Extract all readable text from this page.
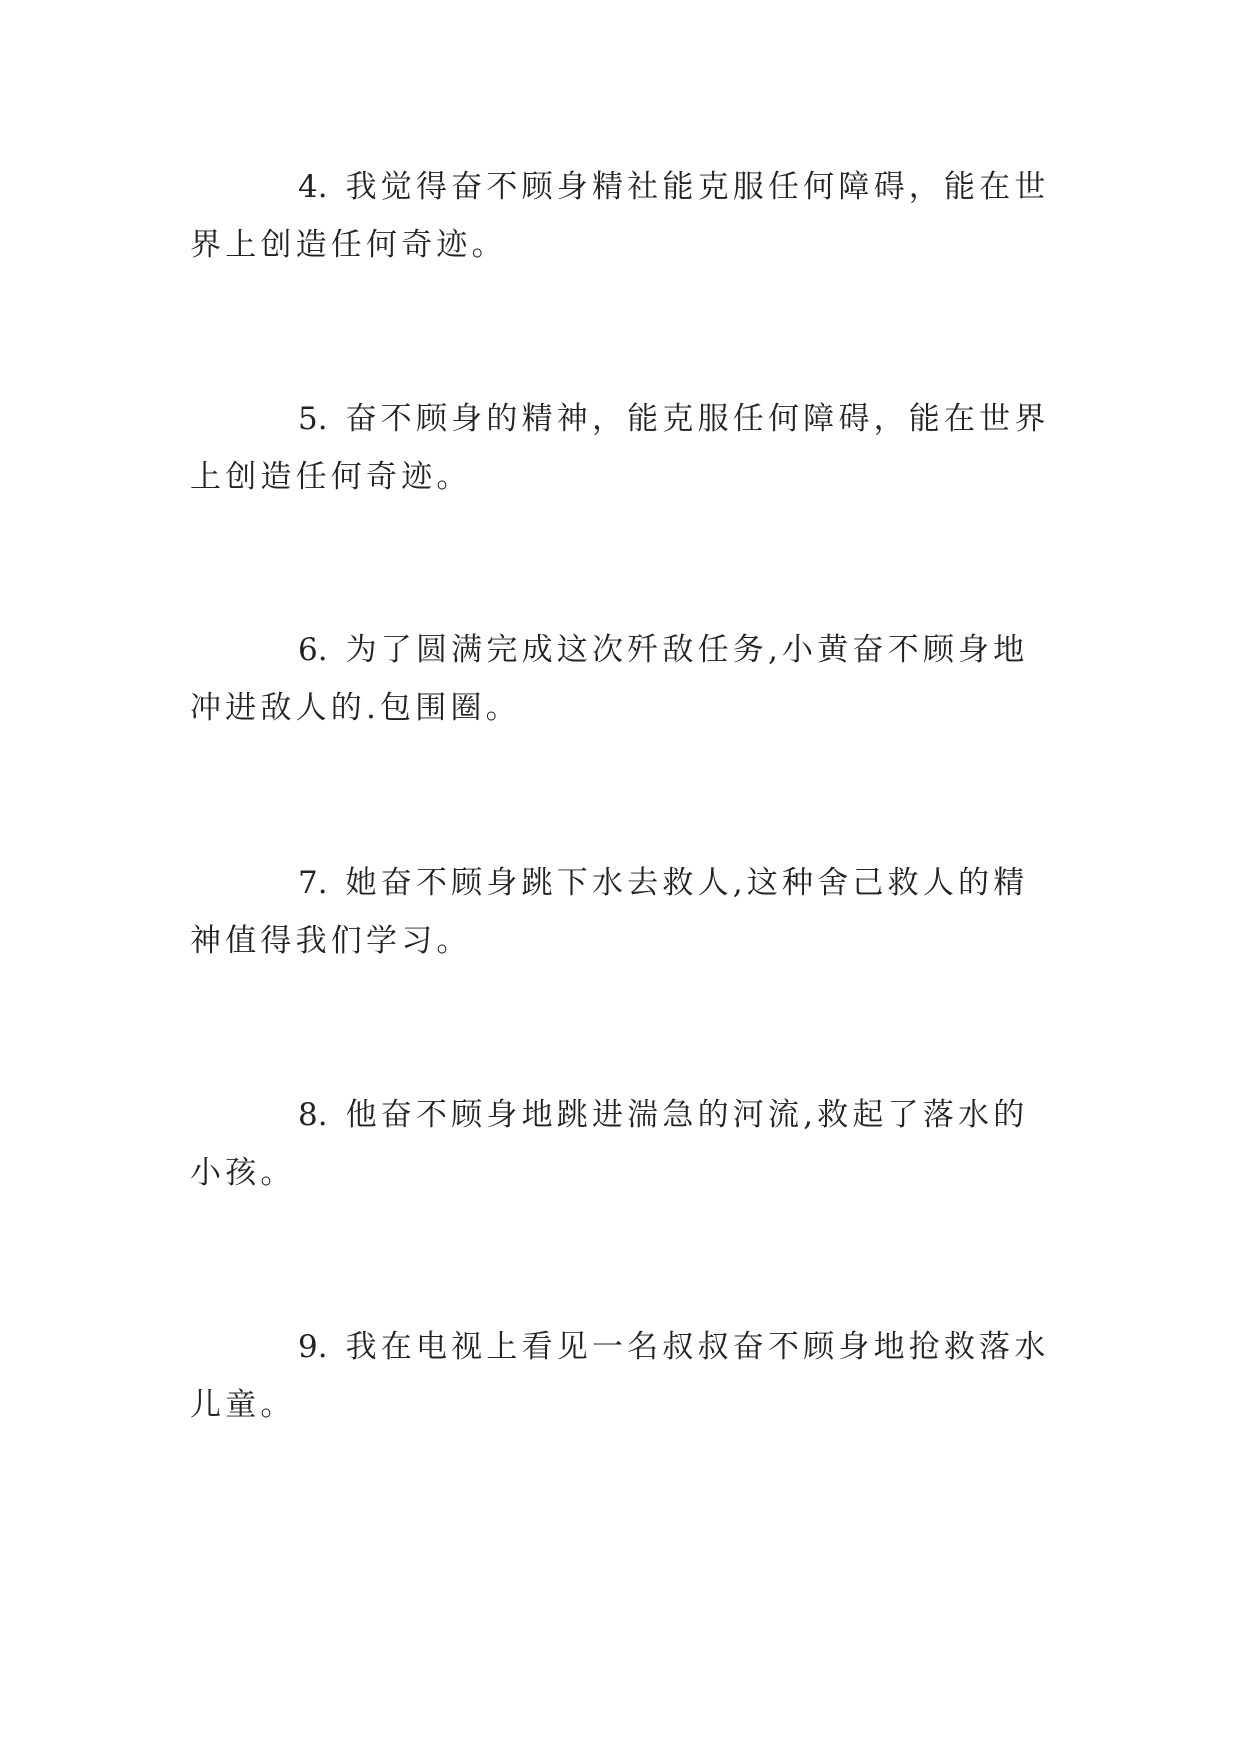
4. 我觉得奋不顾身精社能克服任何障碍，能在世界上创造任何奇迹。

5. 奋不顾身的精神，能克服任何障碍，能在世界上创造任何奇迹。

6. 为了圆满完成这次歼敌任务,小黄奋不顾身地冲进敌人的.包围圈。

7. 她奋不顾身跳下水去救人,这种舍己救人的精神值得我们学习。

8. 他奋不顾身地跳进湍急的河流,救起了落水的小孩。

9. 我在电视上看见一名叔叔奋不顾身地抢救落水儿童。
